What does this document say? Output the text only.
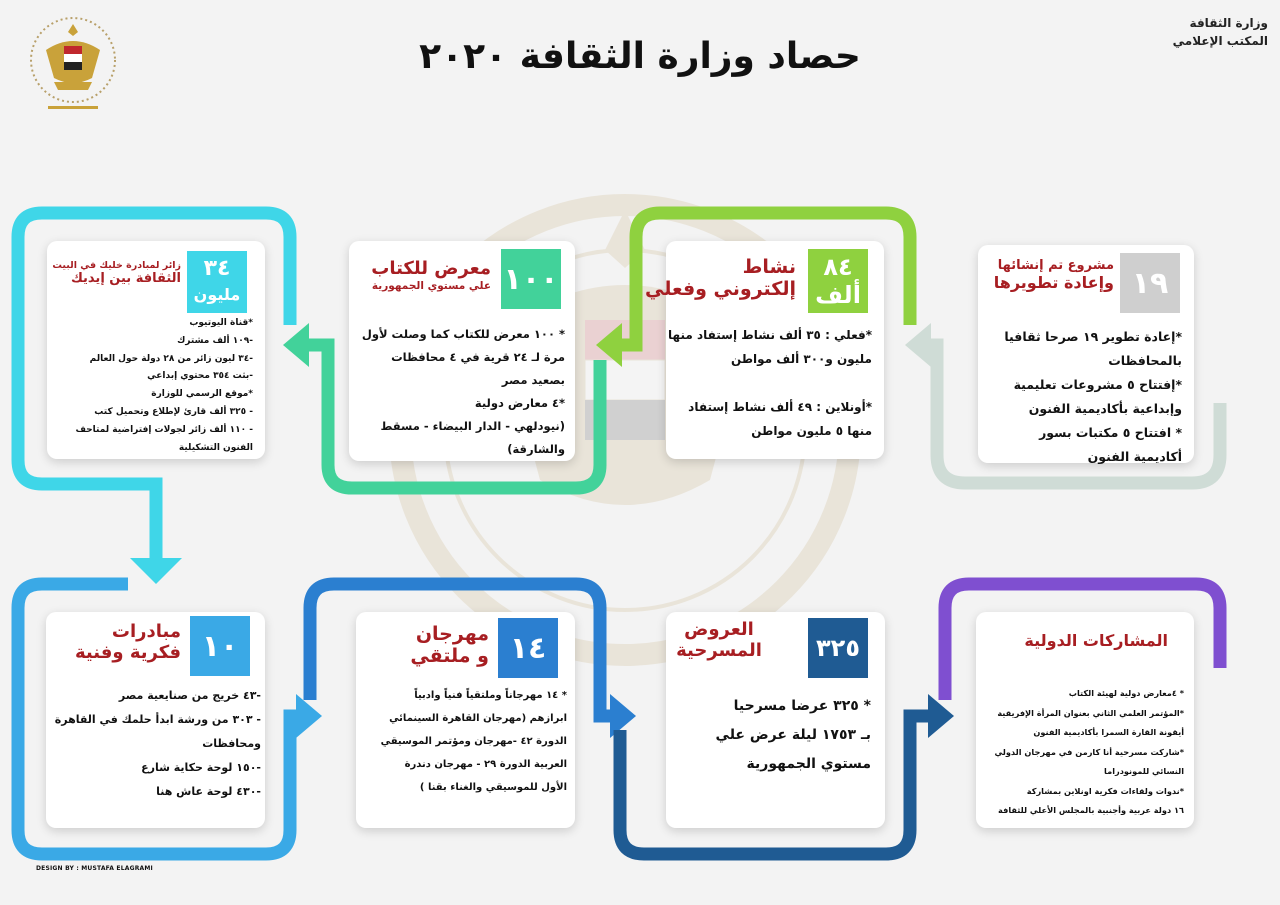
حصاد وزارة الثقافة ٢٠٢٠
وزارة الثقافة
المكتب الإعلامي
١٩
مشروع تم إنشائها
وإعادة تطويرها
*إعادة تطوير ١٩ صرحا ثقافيا
بالمحافظات
*إفتتاح ٥ مشروعات تعليمية
وإبداعية بأكاديمية الفنون
* افتتاح ٥ مكتبات بسور
أكاديمية الفنون
٨٤
ألف
نشاط
إلكتروني وفعلي
*فعلي : ٣٥ ألف نشاط إستفاد منها
مليون و٣٠٠ ألف مواطن

*أونلاين : ٤٩ ألف نشاط إستفاد
منها ٥ مليون مواطن
١٠٠
معرض للكتاب
علي مستوي الجمهورية
* ١٠٠ معرض للكتاب كما وصلت لأول
مرة لـ ٢٤ قرية في ٤ محافظات
بصعيد مصر
*٤ معارض دولية
(نيودلهي - الدار البيضاء - مسقط
والشارقة)
٣٤
مليون
زائر لمبادرة خليك في البيت
الثقافة بين إيديك
*قناة اليوتيوب
-١٠٩ ألف مشترك
-٣٤ ليون زائر من ٢٨ دولة حول العالم
-بثت ٣٥٤ محتوي إبداعي
*موقع الرسمي للوزارة
- ٣٢٥ ألف قارئ لإطلاع وتحميل كتب
- ١١٠ ألف زائر لجولات إفتراضية لمتاحف
الفنون التشكيلية
١٠
مبادرات
فكرية وفنية
-٤٣ خريج من صنايعية مصر
- ٣٠٣ من ورشة ابدأ حلمك في القاهرة
ومحافظات
-١٥٠ لوحة حكاية شارع
-٤٣٠ لوحة عاش هنا
١٤
مهرجان
و ملتقي
* ١٤ مهرجاناً وملتقياً فنياً وادبياً
ابرازهم (مهرجان القاهرة السينمائي
الدورة ٤٢ -مهرجان ومؤتمر الموسيقي
العربية الدورة ٢٩ - مهرجان دندرة
الأول للموسيقي والغناء بقنا )
٣٢٥
العروض
المسرحية
* ٣٢٥ عرضا مسرحيا
بـ ١٧٥٣ ليلة عرض علي
مستوي الجمهورية
المشاركات الدولية
* ٤معارض دولية لهيئة الكتاب
*المؤتمر العلمي الثاني بعنوان المرأة الإفريقية
أيقونة القارة السمرا بأكاديمية الفنون
*شاركت مسرحية أنا كارمن في مهرجان الدولي
النسائي للمونودراما
*ندوات ولقاءات فكرية اونلاين بمشاركة
١٦ دولة عربية وأجنبية بالمجلس الأعلي للثقافة
DESIGN BY : MUSTAFA ELAGRAMI
